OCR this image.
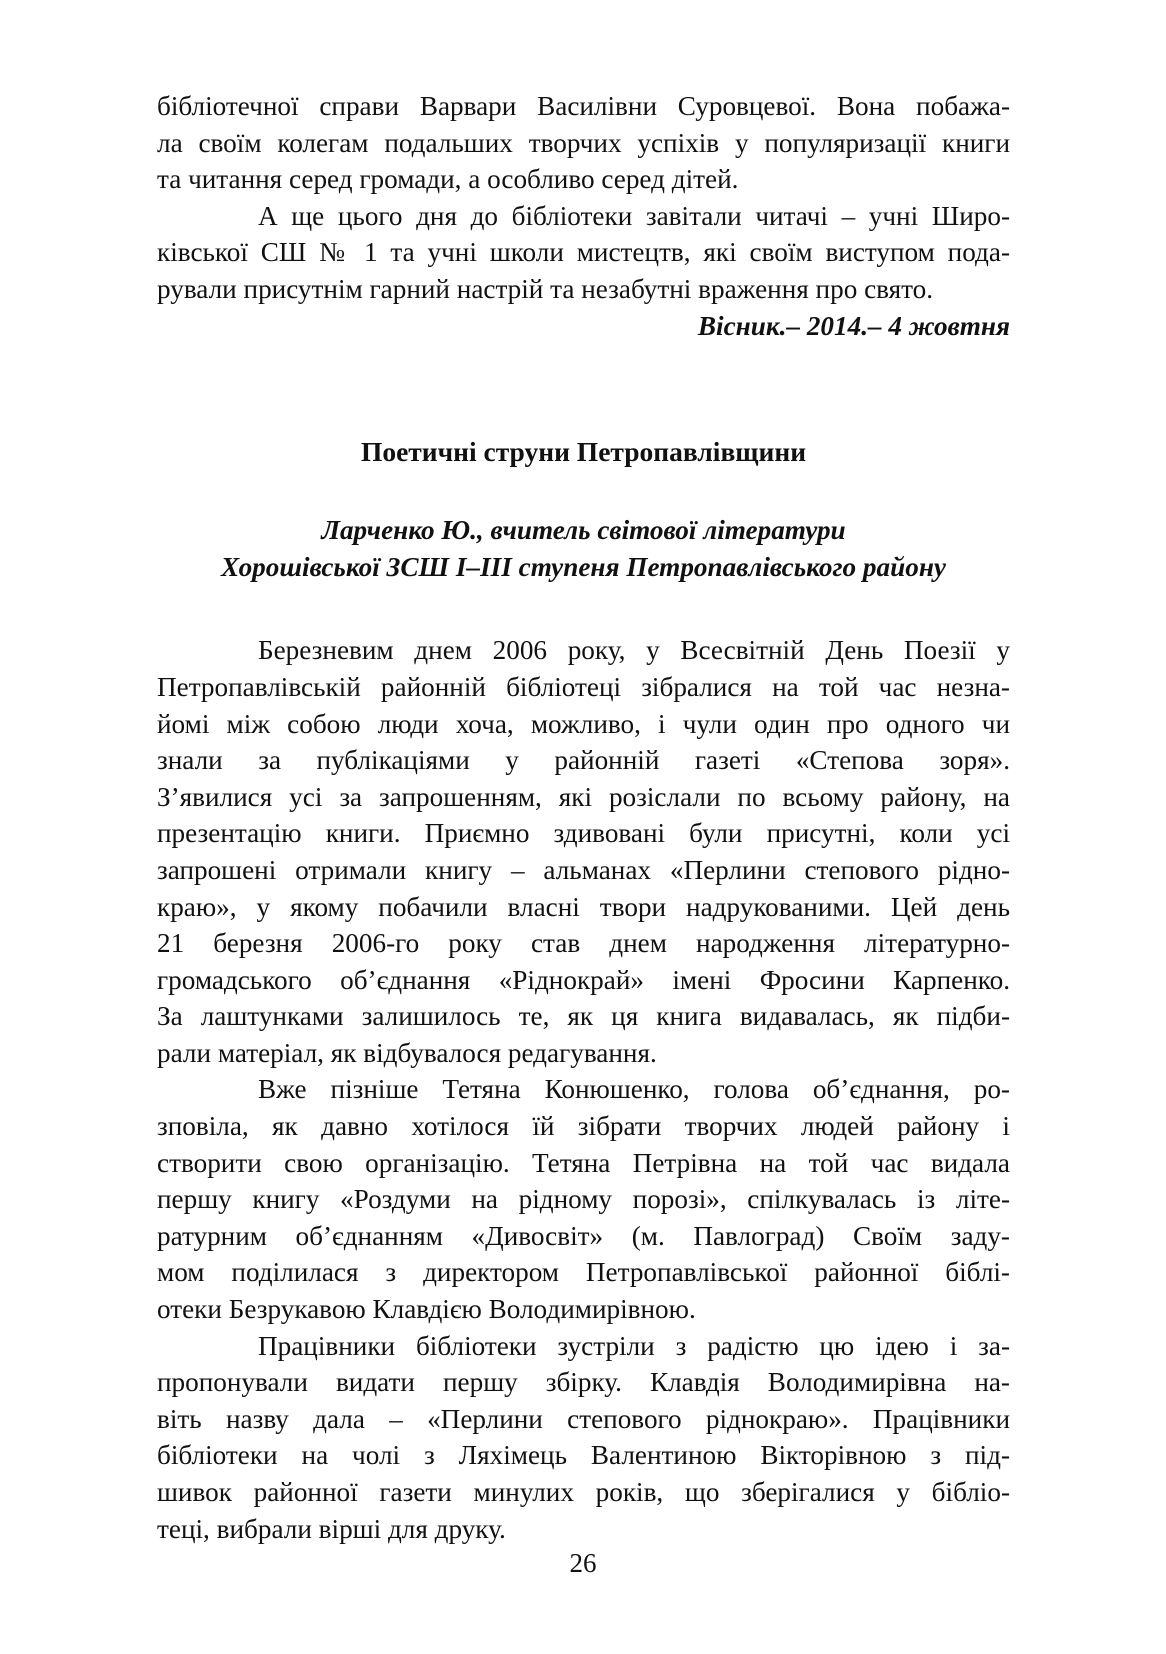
бібліотечної справи Варвари Василівни Суровцевої. Вона побажа-
ла своїм колегам подальших творчих успіхів у популяризації книги
та читання серед громади, а особливо серед дітей.
А ще цього дня до бібліотеки завітали читачі – учні Широ-
ківської СШ № 1 та учні школи мистецтв, які своїм виступом пода-
рували присутнім гарний настрій та незабутні враження про свято.
Вісник.– 2014.– 4 жовтня
Поетичні струни Петропавлівщини
Ларченко Ю., вчитель світової літератури
Хорошівської ЗСШ І–ІІІ ступеня Петропавлівського району
Березневим днем 2006 року, у Всесвітній День Поезії у
Петропавлівській районній бібліотеці зібралися на той час незна-
йомі між собою люди хоча, можливо, і чули один про одного чи
знали за публікаціями у районній газеті «Степова зоря».
З’явилися усі за запрошенням, які розіслали по всьому району, на
презентацію книги. Приємно здивовані були присутні, коли усі
запрошені отримали книгу – альманах «Перлини степового рідно-
краю», у якому побачили власні твори надрукованими. Цей день
21 березня 2006-го року став днем народження літературно-
громадського об’єднання «Ріднокрай» імені Фросини Карпенко.
За лаштунками залишилось те, як ця книга видавалась, як підби-
рали матеріал, як відбувалося редагування.
Вже пізніше Тетяна Конюшенко, голова об’єднання, ро-
зповіла, як давно хотілося їй зібрати творчих людей району і
створити свою організацію. Тетяна Петрівна на той час видала
першу книгу «Роздуми на рідному порозі», спілкувалась із літе-
ратурним об’єднанням «Дивосвіт» (м. Павлоград) Своїм заду-
мом поділилася з директором Петропавлівської районної біблі-
отеки Безрукавою Клавдією Володимирівною.
Працівники бібліотеки зустріли з радістю цю ідею і за-
пропонували видати першу збірку. Клавдія Володимирівна на-
віть назву дала – «Перлини степового ріднокраю». Працівники
бібліотеки на чолі з Ляхімець Валентиною Вікторівною з під-
шивок районної газети минулих років, що зберігалися у бібліо-
теці, вибрали вірші для друку.
26
